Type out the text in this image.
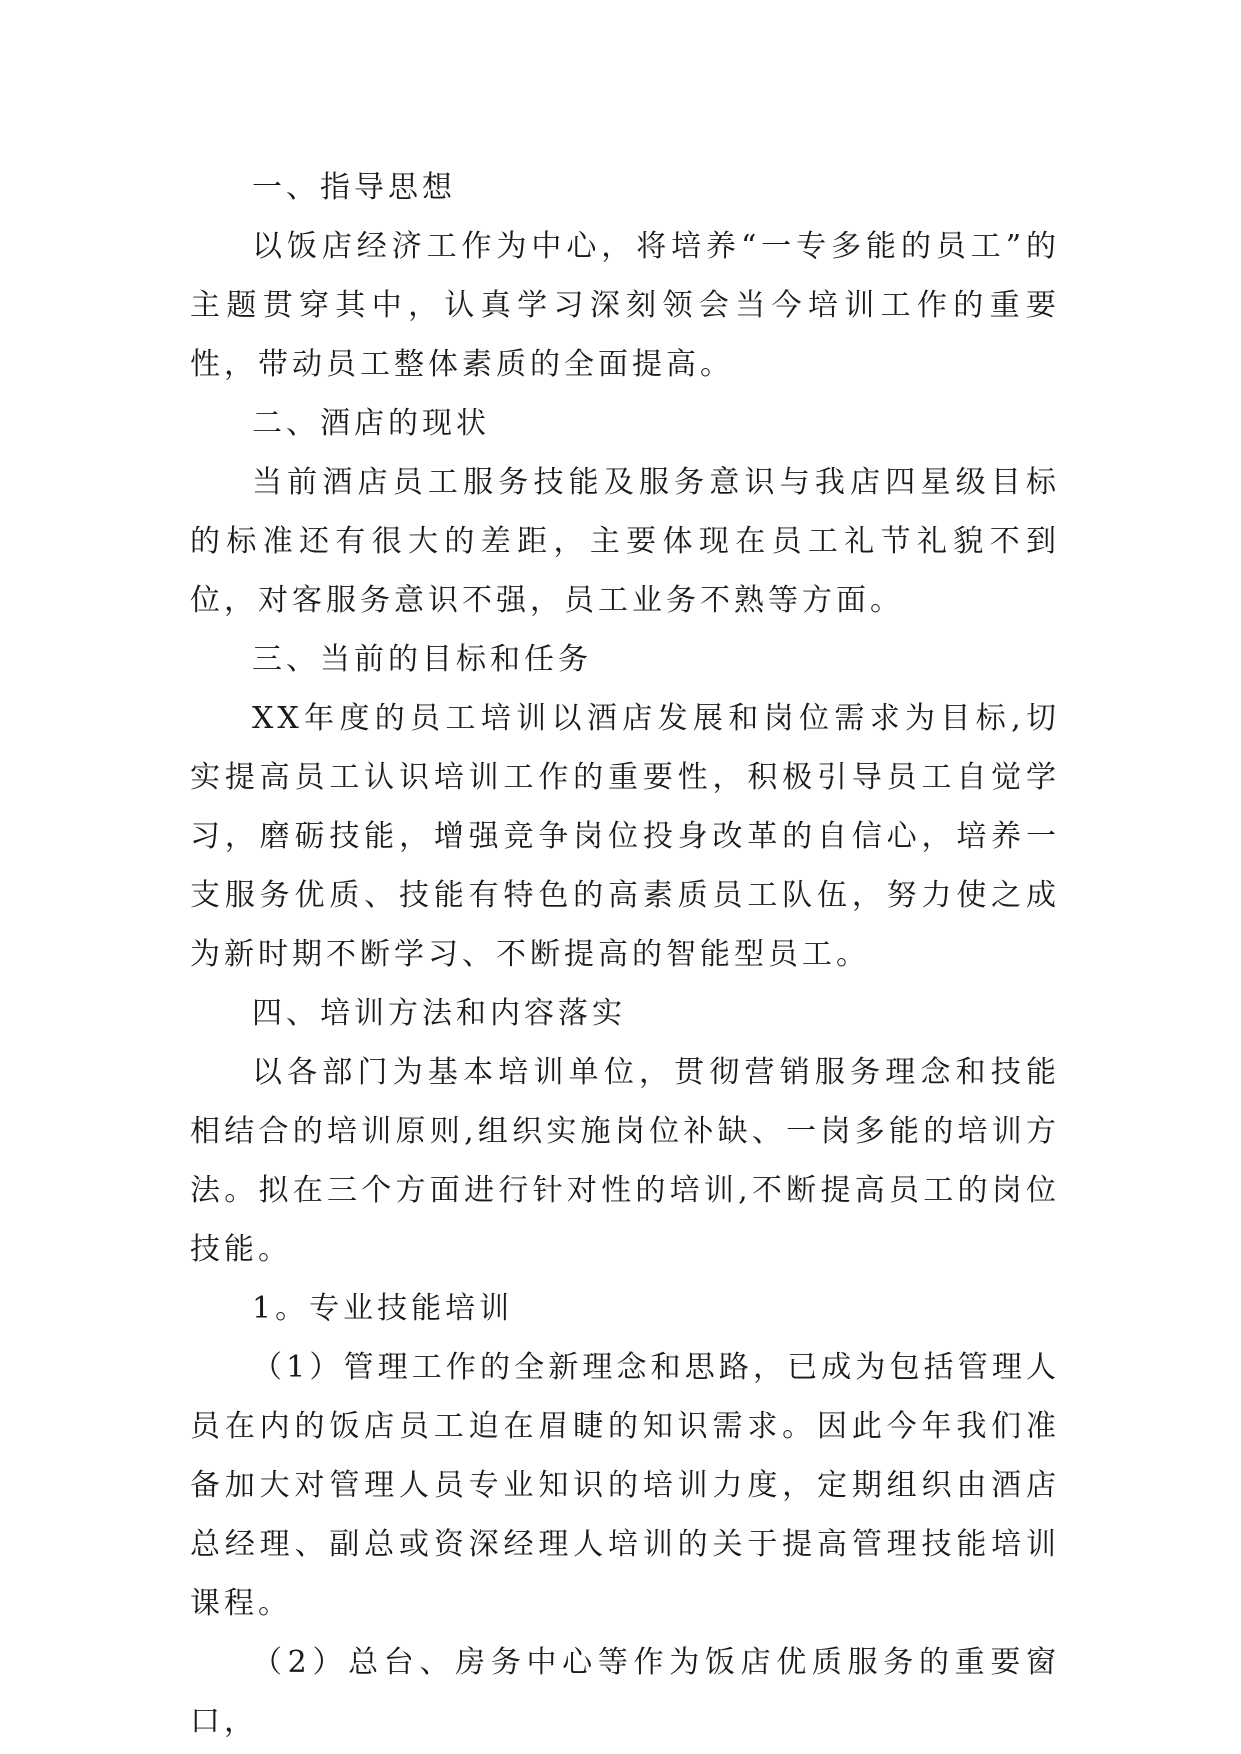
一、指导思想

以饭店经济工作为中心，将培养“一专多能的员工”的主题贯穿其中，认真学习深刻领会当今培训工作的重要性，带动员工整体素质的全面提高。

二、酒店的现状

当前酒店员工服务技能及服务意识与我店四星级目标的标准还有很大的差距，主要体现在员工礼节礼貌不到位，对客服务意识不强，员工业务不熟等方面。

三、当前的目标和任务

XX年度的员工培训以酒店发展和岗位需求为目标,切实提高员工认识培训工作的重要性，积极引导员工自觉学习，磨砺技能，增强竞争岗位投身改革的自信心，培养一支服务优质、技能有特色的高素质员工队伍，努力使之成为新时期不断学习、不断提高的智能型员工。

四、培训方法和内容落实

以各部门为基本培训单位，贯彻营销服务理念和技能相结合的培训原则,组织实施岗位补缺、一岗多能的培训方法。拟在三个方面进行针对性的培训,不断提高员工的岗位技能。

1。专业技能培训

（1）管理工作的全新理念和思路，已成为包括管理人员在内的饭店员工迫在眉睫的知识需求。因此今年我们准备加大对管理人员专业知识的培训力度，定期组织由酒店总经理、副总或资深经理人培训的关于提高管理技能培训课程。

（2）总台、房务中心等作为饭店优质服务的重要窗口，
